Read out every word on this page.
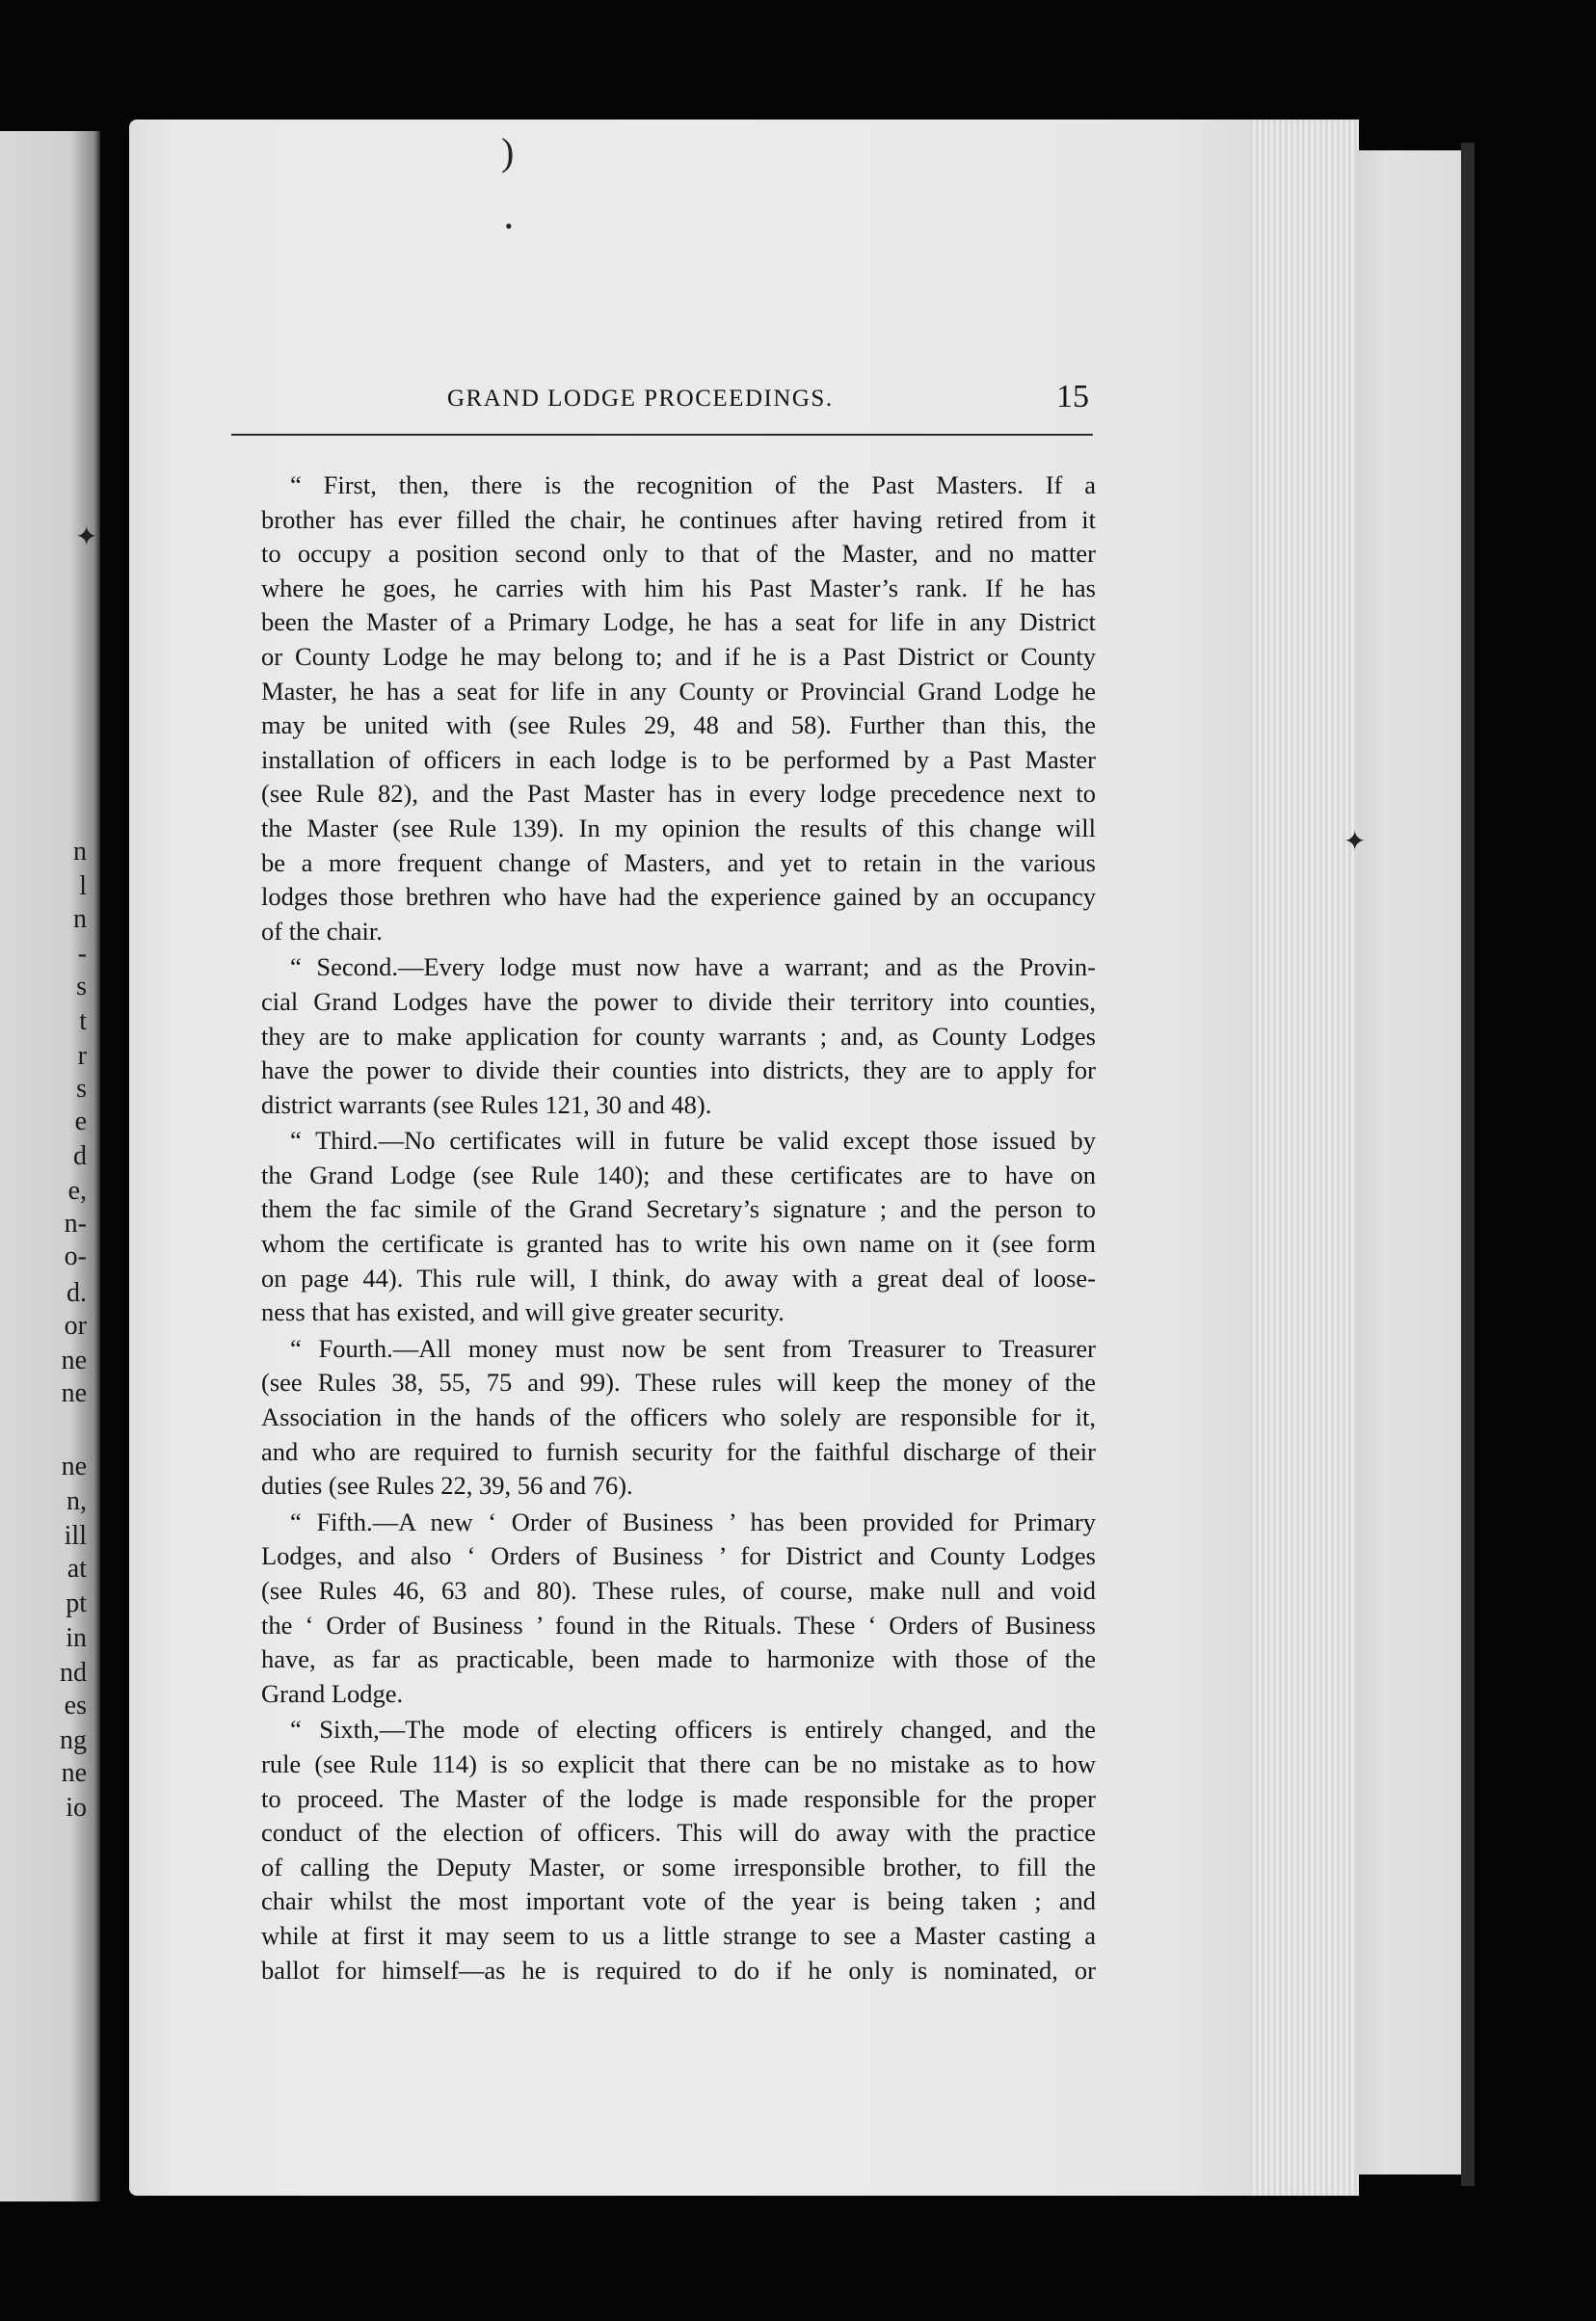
n
l
n
-
s
t
r
s
e
d
e,
n-
o-
d.
or
ne
ne
ne
n,
ill
at
pt
in
nd
es
ng
ne
io
)
•
✦
✦
GRAND LODGE PROCEEDINGS.	15
“ First, then, there is the recognition of the Past Masters. If a
brother has ever filled the chair, he continues after having retired from it
to occupy a position second only to that of the Master, and no matter
where he goes, he carries with him his Past Master’s rank. If he has
been the Master of a Primary Lodge, he has a seat for life in any District
or County Lodge he may belong to; and if he is a Past District or County
Master, he has a seat for life in any County or Provincial Grand Lodge he
may be united with (see Rules 29, 48 and 58). Further than this, the
installation of officers in each lodge is to be performed by a Past Master
(see Rule 82), and the Past Master has in every lodge precedence next to
the Master (see Rule 139). In my opinion the results of this change will
be a more frequent change of Masters, and yet to retain in the various
lodges those brethren who have had the experience gained by an occupancy
of the chair.
“ Second.—Every lodge must now have a warrant; and as the Provin-
cial Grand Lodges have the power to divide their territory into counties,
they are to make application for county warrants ; and, as County Lodges
have the power to divide their counties into districts, they are to apply for
district warrants (see Rules 121, 30 and 48).
“ Third.—No certificates will in future be valid except those issued by
the Grand Lodge (see Rule 140); and these certificates are to have on
them the fac simile of the Grand Secretary’s signature ; and the person to
whom the certificate is granted has to write his own name on it (see form
on page 44). This rule will, I think, do away with a great deal of loose-
ness that has existed, and will give greater security.
“ Fourth.—All money must now be sent from Treasurer to Treasurer
(see Rules 38, 55, 75 and 99). These rules will keep the money of the
Association in the hands of the officers who solely are responsible for it,
and who are required to furnish security for the faithful discharge of their
duties (see Rules 22, 39, 56 and 76).
“ Fifth.—A new ‘ Order of Business ’ has been provided for Primary
Lodges, and also ‘ Orders of Business ’ for District and County Lodges
(see Rules 46, 63 and 80). These rules, of course, make null and void
the ‘ Order of Business ’ found in the Rituals. These ‘ Orders of Business
have, as far as practicable, been made to harmonize with those of the
Grand Lodge.
“ Sixth,—The mode of electing officers is entirely changed, and the
rule (see Rule 114) is so explicit that there can be no mistake as to how
to proceed. The Master of the lodge is made responsible for the proper
conduct of the election of officers. This will do away with the practice
of calling the Deputy Master, or some irresponsible brother, to fill the
chair whilst the most important vote of the year is being taken ; and
while at first it may seem to us a little strange to see a Master casting a
ballot for himself—as he is required to do if he only is nominated, or
